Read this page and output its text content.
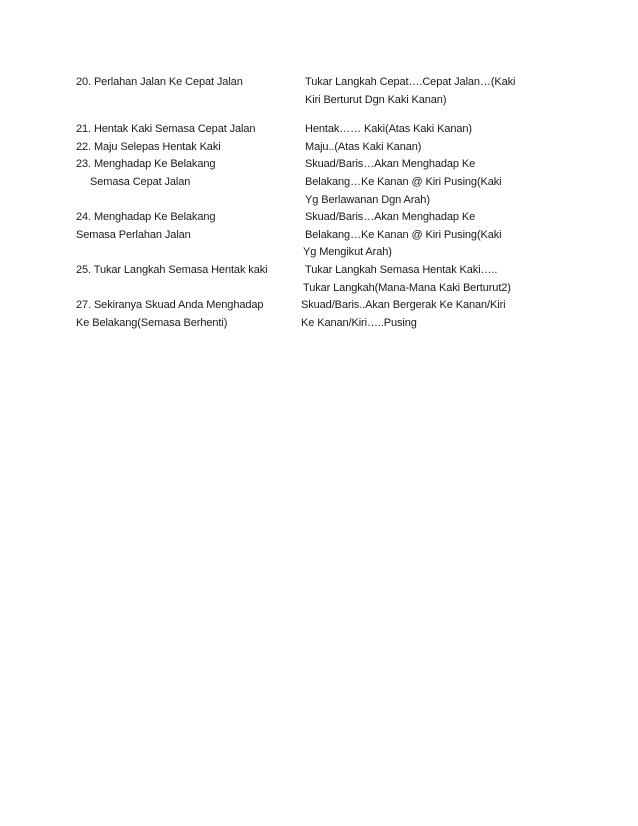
20. Perlahan Jalan Ke Cepat Jalan	Tukar Langkah Cepat….Cepat Jalan…(Kaki
Kiri Berturut Dgn Kaki Kanan)
21. Hentak Kaki Semasa Cepat Jalan	Hentak…… Kaki(Atas Kaki Kanan)
22. Maju Selepas Hentak Kaki	Maju..(Atas Kaki Kanan)
23. Menghadap Ke Belakang	Skuad/Baris…Akan Menghadap Ke
Semasa Cepat Jalan	Belakang…Ke Kanan @ Kiri Pusing(Kaki
Yg Berlawanan Dgn Arah)
24. Menghadap Ke Belakang	Skuad/Baris…Akan Menghadap Ke
Semasa Perlahan Jalan	Belakang…Ke Kanan @ Kiri Pusing(Kaki
Yg Mengikut Arah)
25. Tukar Langkah Semasa Hentak kaki	Tukar Langkah Semasa Hentak Kaki…..
Tukar Langkah(Mana-Mana Kaki Berturut2)
27. Sekiranya Skuad Anda Menghadap	Skuad/Baris..Akan Bergerak Ke Kanan/Kiri
Ke Belakang(Semasa Berhenti)	Ke Kanan/Kiri…..Pusing
